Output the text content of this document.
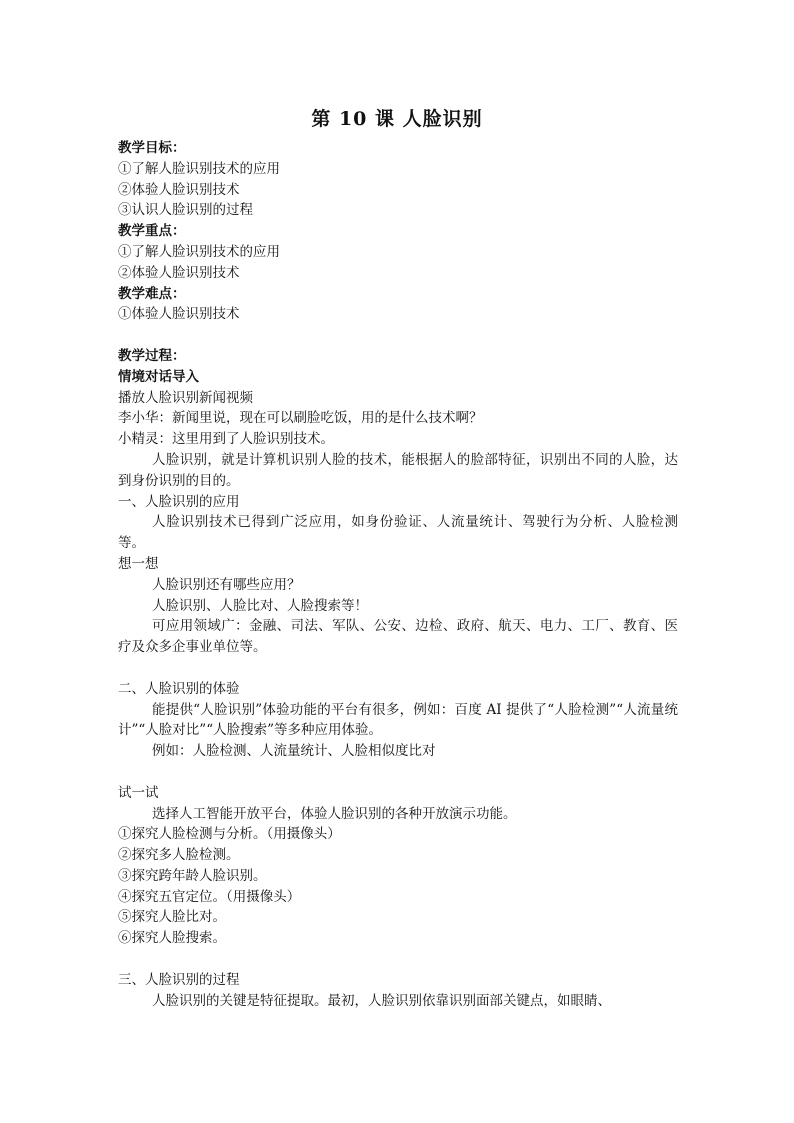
第 10 课 人脸识别
教学目标：
①了解人脸识别技术的应用
②体验人脸识别技术
③认识人脸识别的过程
教学重点：
①了解人脸识别技术的应用
②体验人脸识别技术
教学难点：
①体验人脸识别技术
教学过程：
情境对话导入
播放人脸识别新闻视频
李小华：新闻里说，现在可以刷脸吃饭，用的是什么技术啊？
小精灵：这里用到了人脸识别技术。
人脸识别，就是计算机识别人脸的技术，能根据人的脸部特征，识别出不同的人脸，达到身份识别的目的。
一、人脸识别的应用
人脸识别技术已得到广泛应用，如身份验证、人流量统计、驾驶行为分析、人脸检测等。
想一想
人脸识别还有哪些应用？
人脸识别、人脸比对、人脸搜索等！
可应用领域广：金融、司法、军队、公安、边检、政府、航天、电力、工厂、教育、医疗及众多企事业单位等。
二、人脸识别的体验
能提供“人脸识别”体验功能的平台有很多，例如：百度 AI 提供了“人脸检测”“人流量统计”“人脸对比”“人脸搜索”等多种应用体验。
例如：人脸检测、人流量统计、人脸相似度比对
试一试
选择人工智能开放平台，体验人脸识别的各种开放演示功能。
①探究人脸检测与分析。（用摄像头）
②探究多人脸检测。
③探究跨年龄人脸识别。
④探究五官定位。（用摄像头）
⑤探究人脸比对。
⑥探究人脸搜索。
三、人脸识别的过程
人脸识别的关键是特征提取。最初，人脸识别依靠识别面部关键点，如眼睛、
